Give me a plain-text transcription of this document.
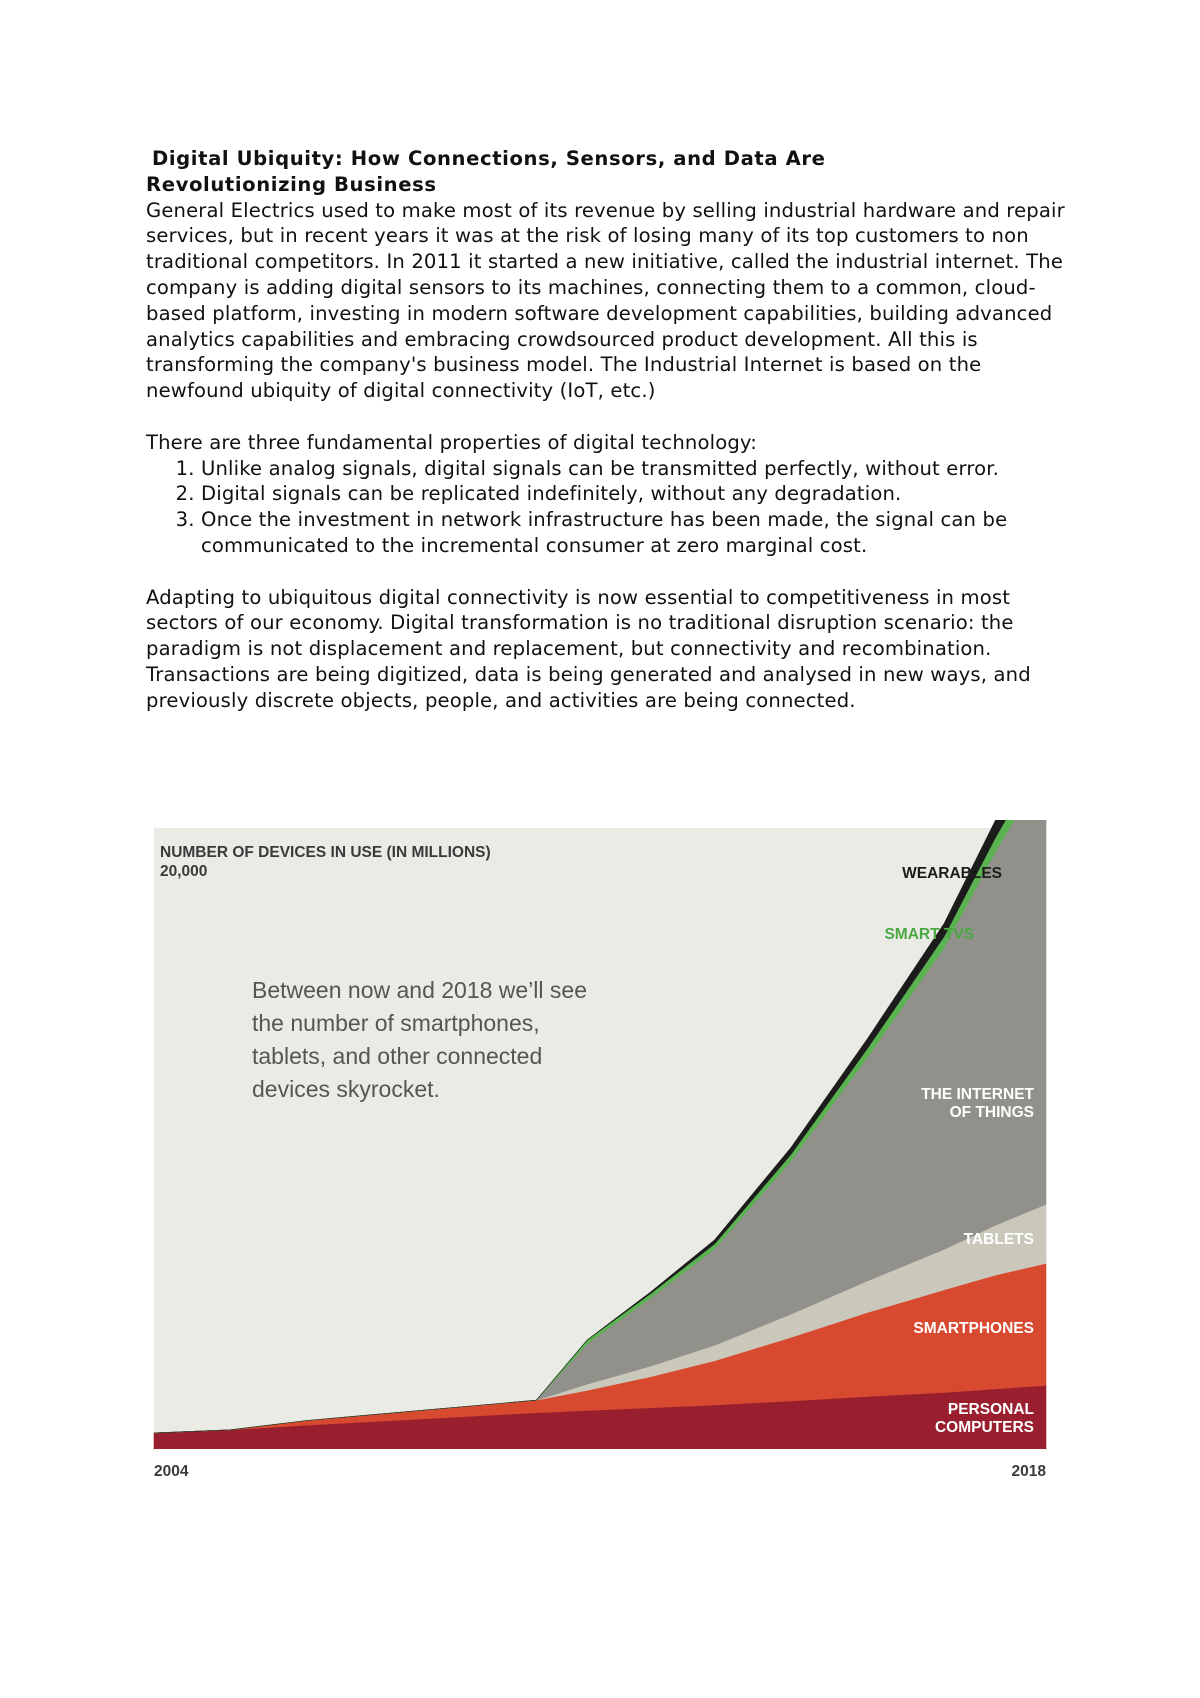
Digital Ubiquity: How Connections, Sensors, and Data Are
Revolutionizing Business

General Electrics used to make most of its revenue by selling industrial hardware and repair services, but in recent years it was at the risk of losing many of its top customers to non traditional competitors. In 2011 it started a new initiative, called the industrial internet. The company is adding digital sensors to its machines, connecting them to a common, cloud-based platform, investing in modern software development capabilities, building advanced analytics capabilities and embracing crowdsourced product development. All this is transforming the company's business model. The Industrial Internet is based on the newfound ubiquity of digital connectivity (IoT, etc.)

There are three fundamental properties of digital technology:

1. Unlike analog signals, digital signals can be transmitted perfectly, without error.
2. Digital signals can be replicated indefinitely, without any degradation.
3. Once the investment in network infrastructure has been made, the signal can be communicated to the incremental consumer at zero marginal cost.

Adapting to ubiquitous digital connectivity is now essential to competitiveness in most sectors of our economy. Digital transformation is no traditional disruption scenario: the paradigm is not displacement and replacement, but connectivity and recombination. Transactions are being digitized, data is being generated and analysed in new ways, and previously discrete objects, people, and activities are being connected.

NUMBER OF DEVICES IN USE (IN MILLIONS)
20,000
Between now and 2018 we’ll see
the number of smartphones,
tablets, and other connected
devices skyrocket.
2004	2018
PERSONAL
COMPUTERS
SMARTPHONES
TABLETS
THE INTERNET
OF THINGS
SMART TVS
WEARABLES
